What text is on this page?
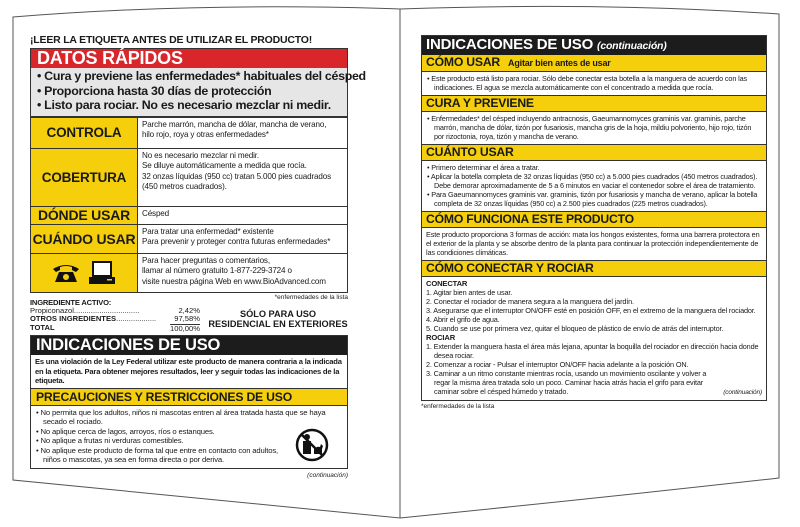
¡LEER LA ETIQUETA ANTES DE UTILIZAR EL PRODUCTO!
DATOS RÁPIDOS
• Cura y previene las enfermedades* habituales del césped
• Proporciona hasta 30 días de protección
• Listo para rociar. No es necesario mezclar ni medir.
CONTROLA
Parche marrón, mancha de dólar, mancha de verano,
hilo rojo, roya y otras enfermedades*
COBERTURA
No es necesario mezclar ni medir.
Se diluye automáticamente a medida que rocía.
32 onzas líquidas (950 cc) tratan 5.000 pies cuadrados
(450 metros cuadrados).
DÓNDE USAR	Césped
CUÁNDO USAR Para tratar una enfermedad* existente
Para prevenir y proteger contra futuras enfermedades*
Para hacer preguntas o comentarios,
llamar al número gratuito 1-877-229-3724 o
visite nuestra página Web en www.BioAdvanced.com
*enfermedades de la lista
INGREDIENTE ACTIVO:
Propiconazol...............................	2,42%
OTROS INGREDIENTES................... 97,58%
TOTAL	100,00%
SÓLO PARA USO
RESIDENCIAL EN EXTERIORES
INDICACIONES DE USO
Es una violación de la Ley Federal utilizar este producto de manera contraria a la indicada en la etiqueta. Para obtener mejores resultados, leer y seguir todas las indicaciones de la etiqueta.
PRECAUCIONES Y RESTRICCIONES DE USO
• No permita que los adultos, niños ni mascotas entren al área tratada hasta que se haya secado el rociado.
• No aplique cerca de lagos, arroyos, ríos o estanques.
• No aplique a frutas ni verduras comestibles.
• No aplique este producto de forma tal que entre en contacto con adultos, niños o mascotas, ya sea en forma directa o por deriva.
(continuación)
INDICACIONES DE USO (continuación)
CÓMO USAR Agitar bien antes de usar
• Este producto está listo para rociar. Sólo debe conectar esta botella a la manguera de acuerdo con las indicaciones. El agua se mezcla automáticamente con el concentrado a medida que rocía.
CURA Y PREVIENE
• Enfermedades* del césped incluyendo antracnosis, Gaeumannomyces graminis var. graminis, parche marrón, mancha de dólar, tizón por fusariosis, mancha gris de la hoja, mildiu polvoriento, hijo rojo, tizón por rizoctonia, roya, tizón y mancha de verano.
CUÁNTO USAR
• Primero determinar el área a tratar.
• Aplicar la botella completa de 32 onzas líquidas (950 cc) a 5.000 pies cuadrados (450 metros cuadrados). Debe demorar aproximadamente de 5 a 6 minutos en vaciar el contenedor sobre el área de tratamiento.
• Para Gaeumannomyces graminis var. graminis, tizón por fusariosis y mancha de verano, aplicar la botella completa de 32 onzas líquidas (950 cc) a 2.500 pies cuadrados (225 metros cuadrados).
CÓMO FUNCIONA ESTE PRODUCTO
Este producto proporciona 3 formas de acción: mata los hongos existentes, forma una barrera protectora en el exterior de la planta y se absorbe dentro de la planta para continuar la protección independientemente de las condiciones climáticas.
CÓMO CONECTAR Y ROCIAR
CONECTAR
1. Agitar bien antes de usar.
2. Conectar el rociador de manera segura a la manguera del jardín.
3. Asegurarse que el interruptor ON/OFF esté en posición OFF, en el extremo de la manguera del rociador.
4. Abrir el grifo de agua.
5. Cuando se use por primera vez, quitar el bloqueo de plástico de envío de atrás del interruptor.
ROCIAR
1. Extender la manguera hasta el área más lejana, apuntar la boquilla del rociador en dirección hacia donde desea rociar.
2. Comenzar a rociar - Pulsar el interruptor ON/OFF hacia adelante a la posición ON.
3. Caminar a un ritmo constante mientras rocía, usando un movimiento oscilante y volver a regar la misma área tratada solo un poco. Caminar hacia atrás hacia el grifo para evitar caminar sobre el césped húmedo y tratado.	(continuación)
*enfermedades de la lista
